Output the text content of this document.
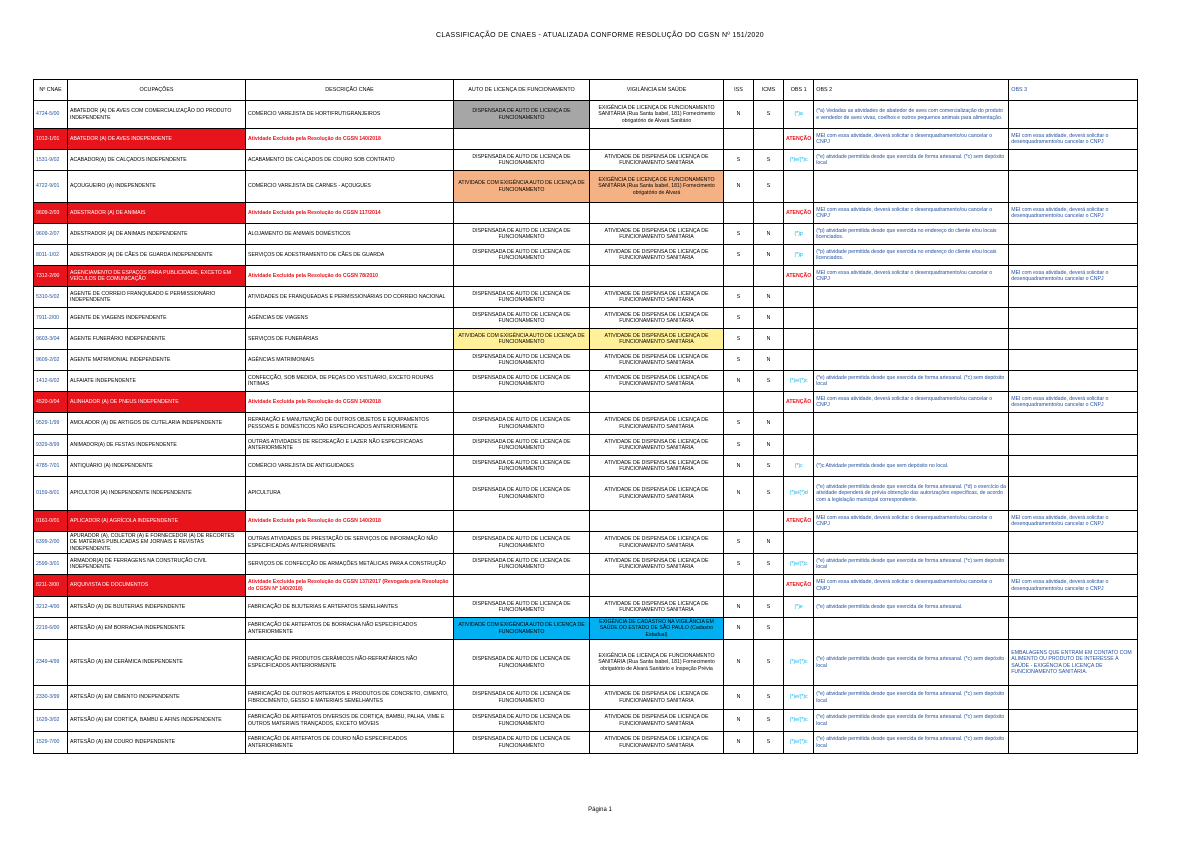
CLASSIFICAÇÃO DE CNAES - ATUALIZADA CONFORME RESOLUÇÃO DO CGSN Nº 151/2020
Nº CNAE	OCUPAÇÕES	DESCRIÇÃO CNAE	AUTO DE LICENÇA DE FUNCIONAMENTO	VIGILÂNCIA EM SAÚDE	ISS	ICMS	OBS 1	OBS 2	OBS 3
4724-5/00	ABATEDOR (A) DE AVES COM COMERCIALIZAÇÃO DO PRODUTO INDEPENDENTE	COMÉRCIO VAREJISTA DE HORTIFRUTIGRANJEIROS	DISPENSADA DE AUTO DE LICENÇA DE FUNCIONAMENTO	EXIGÊNCIA DE LICENÇA DE FUNCIONAMENTO SANITÁRIA (Rua Santa Isabel, 181) Fornecimento obrigatório de Alvará Sanitário	N	S	(*)a	(*a) Vedadas as atividades de abatedor de aves com comercialização do produto e vendedor de aves vivas, coelhos e outros pequenos animais para alimentação.	
1012-1/01	ABATEDOR (A) DE AVES INDEPENDENTE	Atividade Excluída pela Resolução do CGSN 140/2018					ATENÇÃO	MEI com essa atividade, deverá solicitar o desenquadramento/ou cancelar o CNPJ	MEI com essa atividade, deverá solicitar o desenquadramento/ou cancelar o CNPJ
1531-9/02	ACABADOR(A) DE CALÇADOS INDEPENDENTE	ACABAMENTO DE CALÇADOS DE COURO SOB CONTRATO	DISPENSADA DE AUTO DE LICENÇA DE FUNCIONAMENTO	ATIVIDADE DE DISPENSA DE LICENÇA DE FUNCIONAMENTO SANITÁRIA	S	S	(*)e/(*)c	(*e) atividade permitida desde que exercida de forma artesanal. (*c) sem depósito local	
4722-9/01	AÇOUGUEIRO (A) INDEPENDENTE	COMÉRCIO VAREJISTA DE CARNES - AÇOUGUES	ATIVIDADE COM EXIGÊNCIA AUTO DE LICENÇA DE FUNCIONAMENTO	EXIGÊNCIA DE LICENÇA DE FUNCIONAMENTO SANITÁRIA (Rua Santa Isabel, 181) Fornecimento obrigatório de Alvará	N	S			
9609-2/03	ADESTRADOR (A) DE ANIMAIS	Atividade Excluída pela Resolução do CGSN 117/2014					ATENÇÃO	MEI com essa atividade, deverá solicitar o desenquadramento/ou cancelar o CNPJ	MEI com essa atividade, deverá solicitar o desenquadramento/ou cancelar o CNPJ
9609-2/07	ADESTRADOR (A) DE ANIMAIS INDEPENDENTE	ALOJAMENTO DE ANIMAIS DOMÉSTICOS	DISPENSADA DE AUTO DE LICENÇA DE FUNCIONAMENTO	ATIVIDADE DE DISPENSA DE LICENÇA DE FUNCIONAMENTO SANITÁRIA	S	N	(*)p	(*p) atividade permitida desde que exercida no endereço do cliente e/ou locais licenciados.	
8011-1/02	ADESTRADOR (A) DE CÃES DE GUARDA INDEPENDENTE	SERVIÇOS DE ADESTRAMENTO DE CÃES DE GUARDA	DISPENSADA DE AUTO DE LICENÇA DE FUNCIONAMENTO	ATIVIDADE DE DISPENSA DE LICENÇA DE FUNCIONAMENTO SANITÁRIA	S	N	(*)p	(*p) atividade permitida desde que exercida no endereço do cliente e/ou locais licenciados.	
7312-2/00	AGENCIAMENTO DE ESPAÇOS PARA PUBLICIDADE, EXCETO EM VEÍCULOS DE COMUNICAÇÃO	Atividade Excluída pela Resolução do CGSN 78/2010					ATENÇÃO	MEI com essa atividade, deverá solicitar o desenquadramento/ou cancelar o CNPJ	MEI com essa atividade, deverá solicitar o desenquadramento/ou cancelar o CNPJ
5310-5/02	AGENTE DE CORREIO FRANQUEADO E PERMISSIONÁRIO INDEPENDENTE	ATIVIDADES DE FRANQUEADAS E PERMISSIONÁRIAS DO CORREIO NACIONAL	DISPENSADA DE AUTO DE LICENÇA DE FUNCIONAMENTO	ATIVIDADE DE DISPENSA DE LICENÇA DE FUNCIONAMENTO SANITÁRIA	S	N			
7911-2/00	AGENTE DE VIAGENS INDEPENDENTE	AGÊNCIAS DE VIAGENS	DISPENSADA DE AUTO DE LICENÇA DE FUNCIONAMENTO	ATIVIDADE DE DISPENSA DE LICENÇA DE FUNCIONAMENTO SANITÁRIA	S	N			
9603-3/04	AGENTE FUNERÁRIO INDEPENDENTE	SERVIÇOS DE FUNERÁRIAS	ATIVIDADE COM EXIGÊNCIA AUTO DE LICENÇA DE FUNCIONAMENTO	ATIVIDADE DE DISPENSA DE LICENÇA DE FUNCIONAMENTO SANITÁRIA	S	N			
9609-2/02	AGENTE MATRIMONIAL INDEPENDENTE	AGÊNCIAS MATRIMONIAIS	DISPENSADA DE AUTO DE LICENÇA DE FUNCIONAMENTO	ATIVIDADE DE DISPENSA DE LICENÇA DE FUNCIONAMENTO SANITÁRIA	S	N			
1412-6/02	ALFAIATE INDEPENDENTE	CONFECÇÃO, SOB MEDIDA, DE PEÇAS DO VESTUÁRIO, EXCETO ROUPAS ÍNTIMAS	DISPENSADA DE AUTO DE LICENÇA DE FUNCIONAMENTO	ATIVIDADE DE DISPENSA DE LICENÇA DE FUNCIONAMENTO SANITÁRIA	N	S	(*)e/(*)c	(*e) atividade permitida desde que exercida de forma artesanal. (*c) sem depósito local	
4520-0/04	ALINHADOR (A) DE PNEUS INDEPENDENTE	Atividade Excluída pela Resolução do CGSN 140/2018					ATENÇÃO	MEI com essa atividade, deverá solicitar o desenquadramento/ou cancelar o CNPJ	MEI com essa atividade, deverá solicitar o desenquadramento/ou cancelar o CNPJ
9529-1/99	AMOLADOR (A) DE ARTIGOS DE CUTELARIA INDEPENDENTE	REPARAÇÃO E MANUTENÇÃO DE OUTROS OBJETOS E EQUIPAMENTOS PESSOAIS E DOMÉSTICOS NÃO ESPECIFICADOS ANTERIORMENTE	DISPENSADA DE AUTO DE LICENÇA DE FUNCIONAMENTO	ATIVIDADE DE DISPENSA DE LICENÇA DE FUNCIONAMENTO SANITÁRIA	S	N			
9329-8/99	ANIMADOR(A) DE FESTAS INDEPENDENTE	OUTRAS ATIVIDADES DE RECREAÇÃO E LAZER NÃO ESPECIFICADAS ANTERIORMENTE	DISPENSADA DE AUTO DE LICENÇA DE FUNCIONAMENTO	ATIVIDADE DE DISPENSA DE LICENÇA DE FUNCIONAMENTO SANITÁRIA	S	N			
4785-7/01	ANTIQUÁRIO (A) INDEPENDENTE	COMÉRCIO VAREJISTA DE ANTIGUIDADES	DISPENSADA DE AUTO DE LICENÇA DE FUNCIONAMENTO	ATIVIDADE DE DISPENSA DE LICENÇA DE FUNCIONAMENTO SANITÁRIA	N	S	(*)c	(*)c Atividade permitida desde que sem depósito no local.	
0159-8/01	APICULTOR (A) INDEPENDENTE INDEPENDENTE	APICULTURA	DISPENSADA DE AUTO DE LICENÇA DE FUNCIONAMENTO	ATIVIDADE DE DISPENSA DE LICENÇA DE FUNCIONAMENTO SANITÁRIA	N	S	(*)e/(*)d	(*e) atividade permitida desde que exercida de forma artesanal. (*d) o exercício da atividade dependerá de prévia obtenção das autorizações específicas, de acordo com a legislação municipal correspondente.	
0161-0/01	APLICADOR (A) AGRÍCOLA INDEPENDENTE	Atividade Excluída pela Resolução do CGSN 140/2018					ATENÇÃO	MEI com essa atividade, deverá solicitar o desenquadramento/ou cancelar o CNPJ	MEI com essa atividade, deverá solicitar o desenquadramento/ou cancelar o CNPJ
6399-2/00	APURADOR (A), COLETOR (A) E FORNECEDOR (A) DE RECORTES DE MATÉRIAS PUBLICADAS EM JORNAIS E REVISTAS INDEPENDENTE	OUTRAS ATIVIDADES DE PRESTAÇÃO DE SERVIÇOS DE INFORMAÇÃO NÃO ESPECIFICADAS ANTERIORMENTE	DISPENSADA DE AUTO DE LICENÇA DE FUNCIONAMENTO	ATIVIDADE DE DISPENSA DE LICENÇA DE FUNCIONAMENTO SANITÁRIA	S	N			
2599-3/01	ARMADOR(A) DE FERRAGENS NA CONSTRUÇÃO CIVIL INDEPENDENTE	SERVIÇOS DE CONFECÇÃO DE ARMAÇÕES METÁLICAS PARA A CONSTRUÇÃO	DISPENSADA DE AUTO DE LICENÇA DE FUNCIONAMENTO	ATIVIDADE DE DISPENSA DE LICENÇA DE FUNCIONAMENTO SANITÁRIA	S	S	(*)e/(*)c	(*e) atividade permitida desde que exercida de forma artesanal. (*c) sem depósito local	
8211-3/00	ARQUIVISTA DE DOCUMENTOS	Atividade Excluída pela Resolução do CGSN 137/2017 (Revogada pela Resolução do CGSN Nº 140/2018)					ATENÇÃO	MEI com essa atividade, deverá solicitar o desenquadramento/ou cancelar o CNPJ	MEI com essa atividade, deverá solicitar o desenquadramento/ou cancelar o CNPJ
3212-4/00	ARTESÃO (A) DE BIJUTERIAS INDEPENDENTE	FABRICAÇÃO DE BIJUTERIAS E ARTEFATOS SEMELHANTES	DISPENSADA DE AUTO DE LICENÇA DE FUNCIONAMENTO	ATIVIDADE DE DISPENSA DE LICENÇA DE FUNCIONAMENTO SANITÁRIA	N	S	(*)e	(*e) atividade permitida desde que exercida de forma artesanal.	
2219-6/00	ARTESÃO (A) EM BORRACHA INDEPENDENTE	FABRICAÇÃO DE ARTEFATOS DE BORRACHA NÃO ESPECIFICADOS ANTERIORMENTE	ATIVIDADE COM EXIGÊNCIA AUTO DE LICENÇA DE FUNCIONAMENTO	EXIGÊNCIA DE CADASTRO NA VIGILÂNCIA EM SAÚDE DO ESTADO DE SÃO PAULO (Cadastro Estadual)	N	S			
2349-4/99	ARTESÃO (A) EM CERÂMICA INDEPENDENTE	FABRICAÇÃO DE PRODUTOS CERÂMICOS NÃO-REFRATÁRIOS NÃO ESPECIFICADOS ANTERIORMENTE	DISPENSADA DE AUTO DE LICENÇA DE FUNCIONAMENTO	EXIGÊNCIA DE LICENÇA DE FUNCIONAMENTO SANITÁRIA (Rua Santa Isabel, 181) Fornecimento obrigatório de Alvará Sanitário e Inspeção Prévia	N	S	(*)e/(*)c	(*e) atividade permitida desde que exercida de forma artesanal. (*c) sem depósito local	EMBALAGENS QUE ENTRAM EM CONTATO COM ALIMENTO OU PRODUTO DE INTERESSE À SAÚDE - EXIGÊNCIA DE LICENÇA DE FUNCIONAMENTO SANITÁRIA.
2330-3/99	ARTESÃO (A) EM CIMENTO INDEPENDENTE	FABRICAÇÃO DE OUTROS ARTEFATOS E PRODUTOS DE CONCRETO, CIMENTO, FIBROCIMENTO, GESSO E MATERIAIS SEMELHANTES	DISPENSADA DE AUTO DE LICENÇA DE FUNCIONAMENTO	ATIVIDADE DE DISPENSA DE LICENÇA DE FUNCIONAMENTO SANITÁRIA	N	S	(*)e/(*)c	(*e) atividade permitida desde que exercida de forma artesanal. (*c) sem depósito local	
1629-3/02	ARTESÃO (A) EM CORTIÇA, BAMBU E AFINS INDEPENDENTE	FABRICAÇÃO DE ARTEFATOS DIVERSOS DE CORTIÇA, BAMBU, PALHA, VIME E OUTROS MATERIAIS TRANÇADOS, EXCETO MÓVEIS	DISPENSADA DE AUTO DE LICENÇA DE FUNCIONAMENTO	ATIVIDADE DE DISPENSA DE LICENÇA DE FUNCIONAMENTO SANITÁRIA	N	S	(*)e/(*)c	(*e) atividade permitida desde que exercida de forma artesanal. (*c) sem depósito local	
1529-7/00	ARTESÃO (A) EM COURO INDEPENDENTE	FABRICAÇÃO DE ARTEFATOS DE COURO NÃO ESPECIFICADOS ANTERIORMENTE	DISPENSADA DE AUTO DE LICENÇA DE FUNCIONAMENTO	ATIVIDADE DE DISPENSA DE LICENÇA DE FUNCIONAMENTO SANITÁRIA	N	S	(*)e/(*)c	(*e) atividade permitida desde que exercida de forma artesanal. (*c) sem depósito local	
Página 1
